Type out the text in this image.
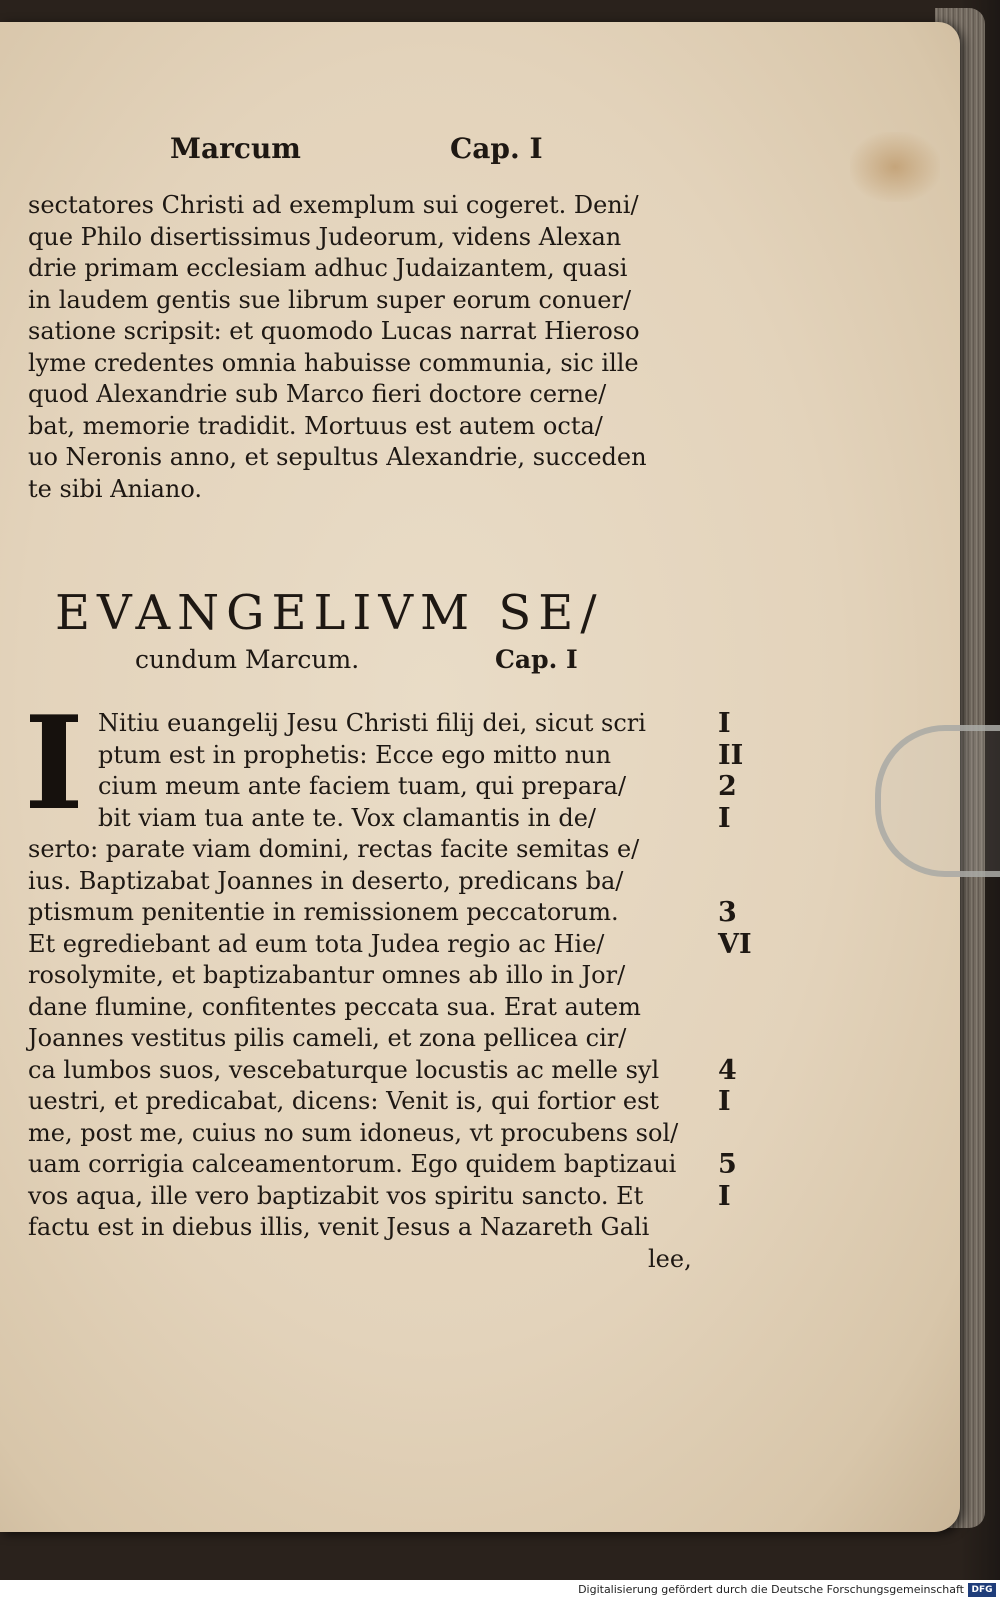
Marcum	Cap. I
sectatores Christi ad exemplum sui cogeret. Deni/
que Philo disertissimus Judeorum, videns Alexan
drie primam ecclesiam adhuc Judaizantem, quasi
in laudem gentis sue librum super eorum conuer/
satione scripsit: et quomodo Lucas narrat Hieroso
lyme credentes omnia habuisse communia, sic ille
quod Alexandrie sub Marco fieri doctore cerne/
bat, memorie tradidit. Mortuus est autem octa/
uo Neronis anno, et sepultus Alexandrie, succeden
te sibi Aniano.
EVANGELIVM SE/
cundum Marcum.	Cap. I
I Nitiu euangelij Jesu Christi filij dei, sicut scri
ptum est in prophetis: Ecce ego mitto nun
cium meum ante faciem tuam, qui prepara/
bit viam tua ante te. Vox clamantis in de/
serto: parate viam domini, rectas facite semitas e/
ius. Baptizabat Joannes in deserto, predicans ba/
ptismum penitentie in remissionem peccatorum.
Et egrediebant ad eum tota Judea regio ac Hie/
rosolymite, et baptizabantur omnes ab illo in Jor/
dane flumine, confitentes peccata sua. Erat autem
Joannes vestitus pilis cameli, et zona pellicea cir/
ca lumbos suos, vescebaturque locustis ac melle syl
uestri, et predicabat, dicens: Venit is, qui fortior est
me, post me, cuius no sum idoneus, vt procubens sol/
uam corrigia calceamentorum. Ego quidem baptizaui
vos aqua, ille vero baptizabit vos spiritu sancto. Et
factu est in diebus illis, venit Jesus a Nazareth Gali
lee,
I
II
2
I
3
VI
4
I
5
I
Digitalisierung gefördert durch die Deutsche Forschungsgemeinschaft DFG
